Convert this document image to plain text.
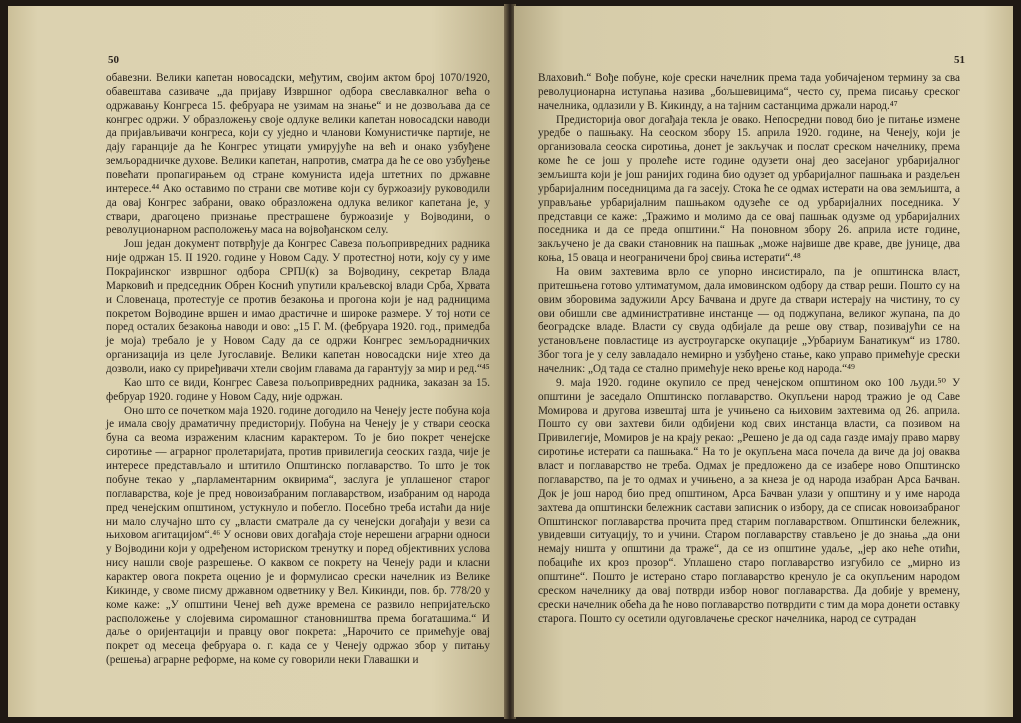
50

обавезни. Велики капетан новосадски, међутим, својим актом број 1070/1920, обавештава сазиваче „да пријаву Извршног одбора свеславкалног већа о одржавању Конгреса 15. фебруара не узимам на знање“ и не дозвољава да се конгрес одржи. У образложењу своје одлуке велики капетан новосадски наводи да пријављивачи конгреса, који су уједно и чланови Комунистичке партије, не дају гаранције да ће Конгрес утицати умирујуће на већ и онако узбуђене земљорадничке духове. Велики капетан, напротив, сматра да ће се ово узбуђење повећати пропагирањем од стране комуниста идеја штетних по државне интересе.⁴⁴ Ако оставимо по страни све мотиве који су буржоазију руководили да овај Конгрес забрани, овако образложена одлука великог капетана је, у ствари, драгоцено признање престрашене буржоазије у Војводини, о револуционарном расположењу маса на војвођанском селу.

Још један документ потврђује да Конгрес Савеза пољопривредних радника није одржан 15. II 1920. године у Новом Саду. У протестној ноти, коју су у име Покрајинског извршног одбора СРПЈ(к) за Војводину, секретар Влада Марковић и председник Обрен Коснић упутили краљевској влади Срба, Хрвата и Словенаца, протестује се против безакоња и прогона који је над радницима покретом Војводине вршен и имао драстичне и широке размере. У тој ноти се поред осталих безакоња наводи и ово: „15 Г. М. (фебруара 1920. год., примедба је моја) требало је у Новом Саду да се одржи Конгрес земљорадничких организација из целе Југославије. Велики капетан новосадски није хтео да дозволи, иако су приређивачи хтели својим главама да гарантују за мир и ред.“⁴⁵

Као што се види, Конгрес Савеза пољопривредних радника, заказан за 15. фебруар 1920. године у Новом Саду, није одржан.

Оно што се почетком маја 1920. године догодило на Ченеју јесте побуна која је имала своју драматичну предисторију. Побуна на Ченеју је у ствари сеоска буна са веома израженим класним карактером. То је био покрет ченејске сиротиње — аграрног пролетаријата, против привилегија сеоских газда, чије је интересе представљало и штитило Општинско поглаварство. То што је ток побуне текао у „парламентарним оквирима“, заслуга је уплашеног старог поглаварства, које је пред новоизабраним поглаварством, изабраним од народа пред ченејским општином, устукнуло и побегло. Посебно треба истаћи да није ни мало случајно што су „власти сматрале да су ченејски догађаји у вези са њиховом агитацијом“.⁴⁶ У основи ових догађаја стоје нерешени аграрни односи у Војводини који у одређеном историском тренутку и поред објективних услова нису нашли своје разрешење. О каквом се покрету на Ченеју ради и класни карактер овога покрета оценио је и формулисао срески начелник из Велике Кикинде, у своме писму државном одветнику у Вел. Кикинди, пов. бр. 778/20 у коме каже: „У општини Ченеј већ дуже времена се развило непријатељско расположење у слојевима сиромашног становништва према богаташима.“ И даље о оријентацији и правцу овог покрета: „Нарочито се примећује овај покрет од месеца фебруара о. г. када се у Ченеју одржао збор у питању (решења) аграрне реформе, на коме су говорили неки Главашки и

51

Влаховић.“ Вође побуне, које срески начелник према тада уобичајеном термину за сва револуционарна иступања назива „бољшевицима“, често су, према писању среског начелника, одлазили у В. Кикинду, а на тајним састанцима држали народ.⁴⁷

Предисторија овог догађаја текла је овако. Непосредни повод био је питање измене уредбе о пашњаку. На сеоском збору 15. априла 1920. године, на Ченеју, који је организовала сеоска сиротиња, донет је закључак и послат среском начелнику, према коме ће се још у пролеће исте године одузети онај део засејаног урбаријалног земљишта који је још ранијих година био одузет од урбаријалног пашњака и раздељен урбаријалним поседницима да га засеју. Стока ће се одмах истерати на ова земљишта, а управљање урбаријалним пашњаком одузеће се од урбаријалних поседника. У представци се каже: „Тражимо и молимо да се овај пашњак одузме од урбаријалних поседника и да се преда општини.“ На поновном збору 26. априла исте године, закључено је да сваки становник на пашњак „може највише две краве, две јунице, два коња, 15 оваца и неограничени број свиња истерати“.⁴⁸

На овим захтевима врло се упорно инсистирало, па је општинска власт, притешњена готово ултиматумом, дала имовинском одбору да ствар реши. Пошто су на овим зборовима задужили Арсу Бачвана и друге да ствари истерају на чистину, то су ови обишли све административне инстанце — од поджупана, великог жупана, па до београдске владе. Власти су свуда одбијале да реше ову ствар, позивајући се на установљене повластице из аустроугарске окупације „Урбариум Банатикум“ из 1780. Због тога је у селу завладало немирно и узбуђено стање, како управо примећује срески начелник: „Од тада се стално примећује неко врење код народа.“⁴⁹

9. маја 1920. године окупило се пред ченејском општином око 100 људи.⁵⁰ У општини је заседало Општинско поглаварство. Окупљени народ тражио је од Саве Момирова и другова извештај шта је учињено са њиховим захтевима од 26. априла. Пошто су ови захтеви били одбијени код свих инстанца власти, са позивом на Привилегије, Момиров је на крају рекао: „Решено је да од сада газде имају право марву сиротиње истерати са пашњака.“ На то је окупљена маса почела да виче да јој оваква власт и поглаварство не треба. Одмах је предложено да се изабере ново Општинско поглаварство, па је то одмах и учињено, а за кнеза је од народа изабран Арса Бачван. Док је још народ био пред општином, Арса Бачван улази у општину и у име народа захтева да општински бележник састави записник о избору, да се списак новоизабраног Општинског поглаварства прочита пред старим поглаварством. Општински бележник, увидевши ситуацију, то и учини. Старом поглаварству стављено је до знања „да они немају ништа у општини да траже“, да се из општине удаље, „јер ако неће отићи, побациће их кроз прозор“. Уплашено старо поглаварство изгубило се „мирно из општине“. Пошто је истерано старо поглаварство кренуло је са окупљеним народом среском начелнику да овај потврди избор новог поглаварства. Да добије у времену, срески начелник обећа да ће ново поглаварство потврдити с тим да мора донети оставку старога. Пошто су осетили одуговлачење среског начелника, народ се сутрадан
